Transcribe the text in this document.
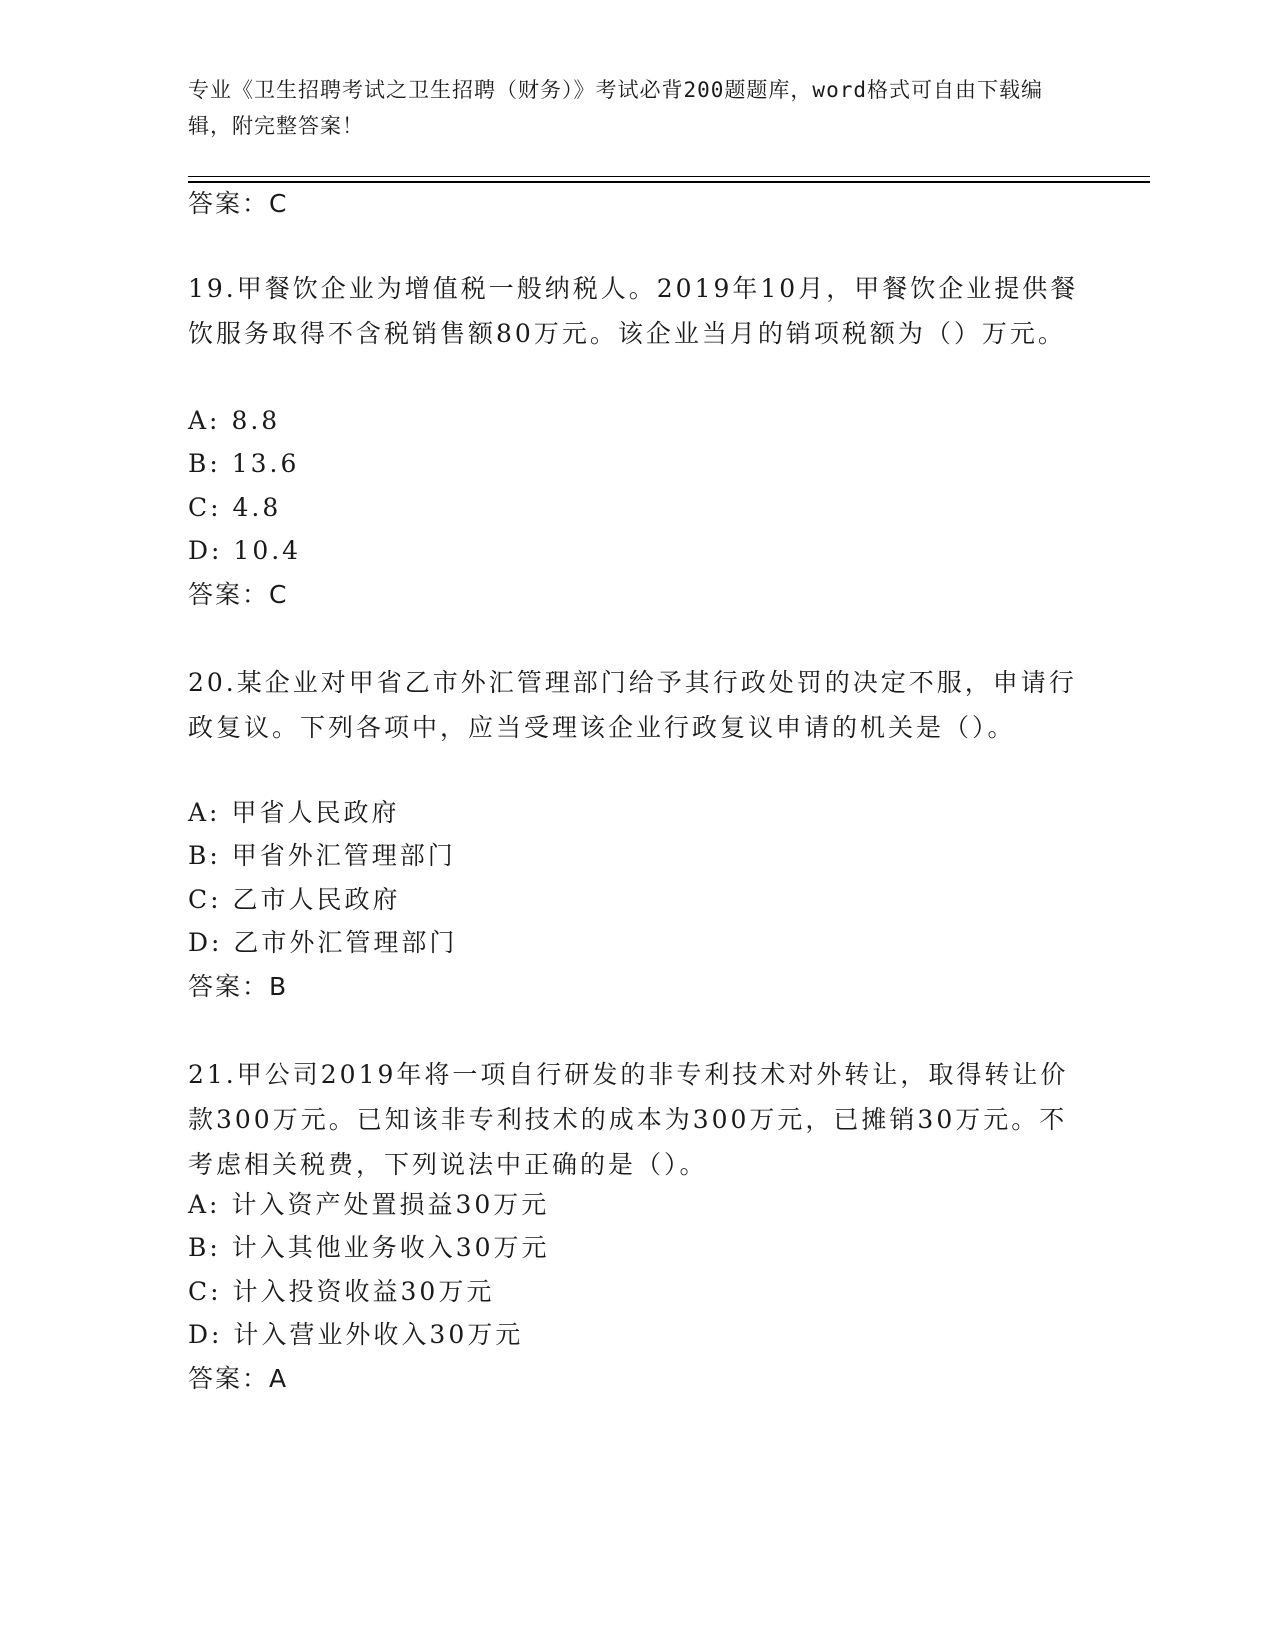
专业《卫生招聘考试之卫生招聘（财务）》考试必背200题题库，word格式可自由下载编辑，附完整答案！
答案：C
19.甲餐饮企业为增值税一般纳税人。2019年10月，甲餐饮企业提供餐饮服务取得不含税销售额80万元。该企业当月的销项税额为（）万元。
A: 8.8
B: 13.6
C: 4.8
D: 10.4
答案：C
20.某企业对甲省乙市外汇管理部门给予其行政处罚的决定不服，申请行政复议。下列各项中，应当受理该企业行政复议申请的机关是（）。
A: 甲省人民政府
B: 甲省外汇管理部门
C: 乙市人民政府
D: 乙市外汇管理部门
答案：B
21.甲公司2019年将一项自行研发的非专利技术对外转让，取得转让价款300万元。已知该非专利技术的成本为300万元，已摊销30万元。不考虑相关税费，下列说法中正确的是（）。
A: 计入资产处置损益30万元
B: 计入其他业务收入30万元
C: 计入投资收益30万元
D: 计入营业外收入30万元
答案：A
